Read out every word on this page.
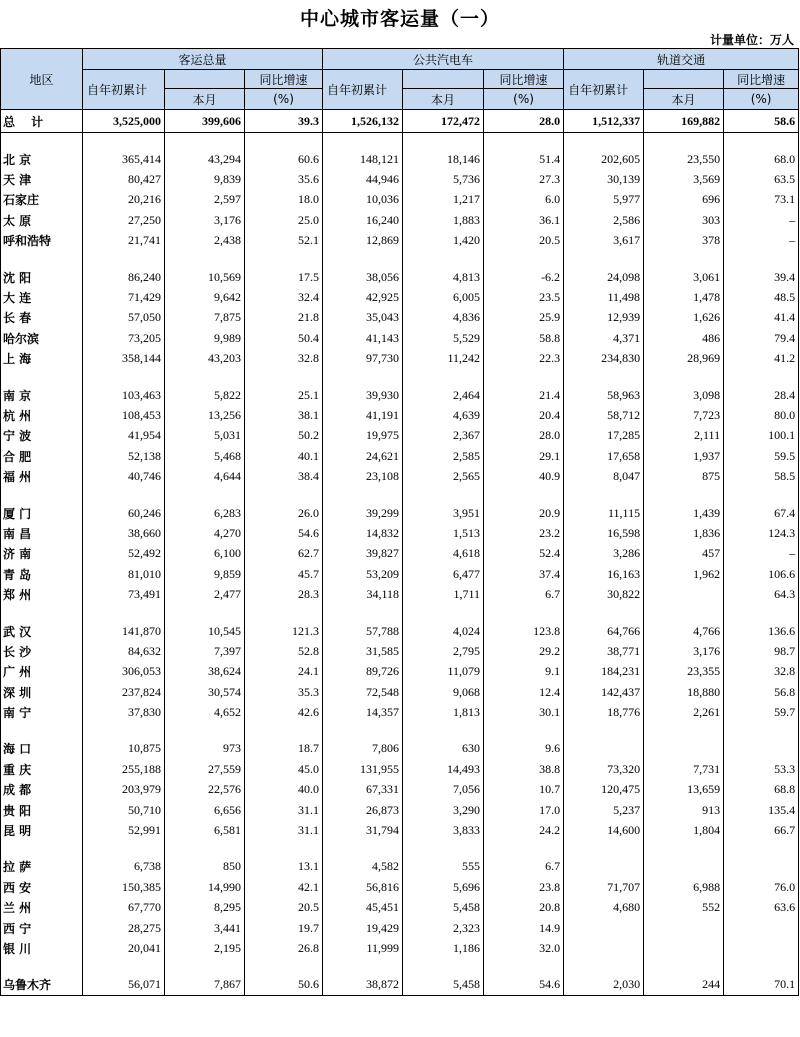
中心城市客运量（一）
计量单位：万人
地区	客运总量			公共汽电车			轨道交通		
	自年初累计		同比增速	自年初累计		同比增速	自年初累计		同比增速
		本月	(%)		本月	(%)		本月	(%)
总 计	3,525,000	399,606	39.3	1,526,132	172,472	28.0	1,512,337	169,882	58.6

北 京	365,414	43,294	60.6	148,121	18,146	51.4	202,605	23,550	68.0
天 津	80,427	9,839	35.6	44,946	5,736	27.3	30,139	3,569	63.5
石家庄	20,216	2,597	18.0	10,036	1,217	6.0	5,977	696	73.1
太 原	27,250	3,176	25.0	16,240	1,883	36.1	2,586	303	–
呼和浩特	21,741	2,438	52.1	12,869	1,420	20.5	3,617	378	–

沈 阳	86,240	10,569	17.5	38,056	4,813	-6.2	24,098	3,061	39.4
大 连	71,429	9,642	32.4	42,925	6,005	23.5	11,498	1,478	48.5
长 春	57,050	7,875	21.8	35,043	4,836	25.9	12,939	1,626	41.4
哈尔滨	73,205	9,989	50.4	41,143	5,529	58.8	4,371	486	79.4
上 海	358,144	43,203	32.8	97,730	11,242	22.3	234,830	28,969	41.2

南 京	103,463	5,822	25.1	39,930	2,464	21.4	58,963	3,098	28.4
杭 州	108,453	13,256	38.1	41,191	4,639	20.4	58,712	7,723	80.0
宁 波	41,954	5,031	50.2	19,975	2,367	28.0	17,285	2,111	100.1
合 肥	52,138	5,468	40.1	24,621	2,585	29.1	17,658	1,937	59.5
福 州	40,746	4,644	38.4	23,108	2,565	40.9	8,047	875	58.5

厦 门	60,246	6,283	26.0	39,299	3,951	20.9	11,115	1,439	67.4
南 昌	38,660	4,270	54.6	14,832	1,513	23.2	16,598	1,836	124.3
济 南	52,492	6,100	62.7	39,827	4,618	52.4	3,286	457	–
青 岛	81,010	9,859	45.7	53,209	6,477	37.4	16,163	1,962	106.6
郑 州	73,491	2,477	28.3	34,118	1,711	6.7	30,822		64.3

武 汉	141,870	10,545	121.3	57,788	4,024	123.8	64,766	4,766	136.6
长 沙	84,632	7,397	52.8	31,585	2,795	29.2	38,771	3,176	98.7
广 州	306,053	38,624	24.1	89,726	11,079	9.1	184,231	23,355	32.8
深 圳	237,824	30,574	35.3	72,548	9,068	12.4	142,437	18,880	56.8
南 宁	37,830	4,652	42.6	14,357	1,813	30.1	18,776	2,261	59.7

海 口	10,875	973	18.7	7,806	630	9.6			
重 庆	255,188	27,559	45.0	131,955	14,493	38.8	73,320	7,731	53.3
成 都	203,979	22,576	40.0	67,331	7,056	10.7	120,475	13,659	68.8
贵 阳	50,710	6,656	31.1	26,873	3,290	17.0	5,237	913	135.4
昆 明	52,991	6,581	31.1	31,794	3,833	24.2	14,600	1,804	66.7

拉 萨	6,738	850	13.1	4,582	555	6.7			
西 安	150,385	14,990	42.1	56,816	5,696	23.8	71,707	6,988	76.0
兰 州	67,770	8,295	20.5	45,451	5,458	20.8	4,680	552	63.6
西 宁	28,275	3,441	19.7	19,429	2,323	14.9			
银 川	20,041	2,195	26.8	11,999	1,186	32.0			

乌鲁木齐	56,071	7,867	50.6	38,872	5,458	54.6	2,030	244	70.1
